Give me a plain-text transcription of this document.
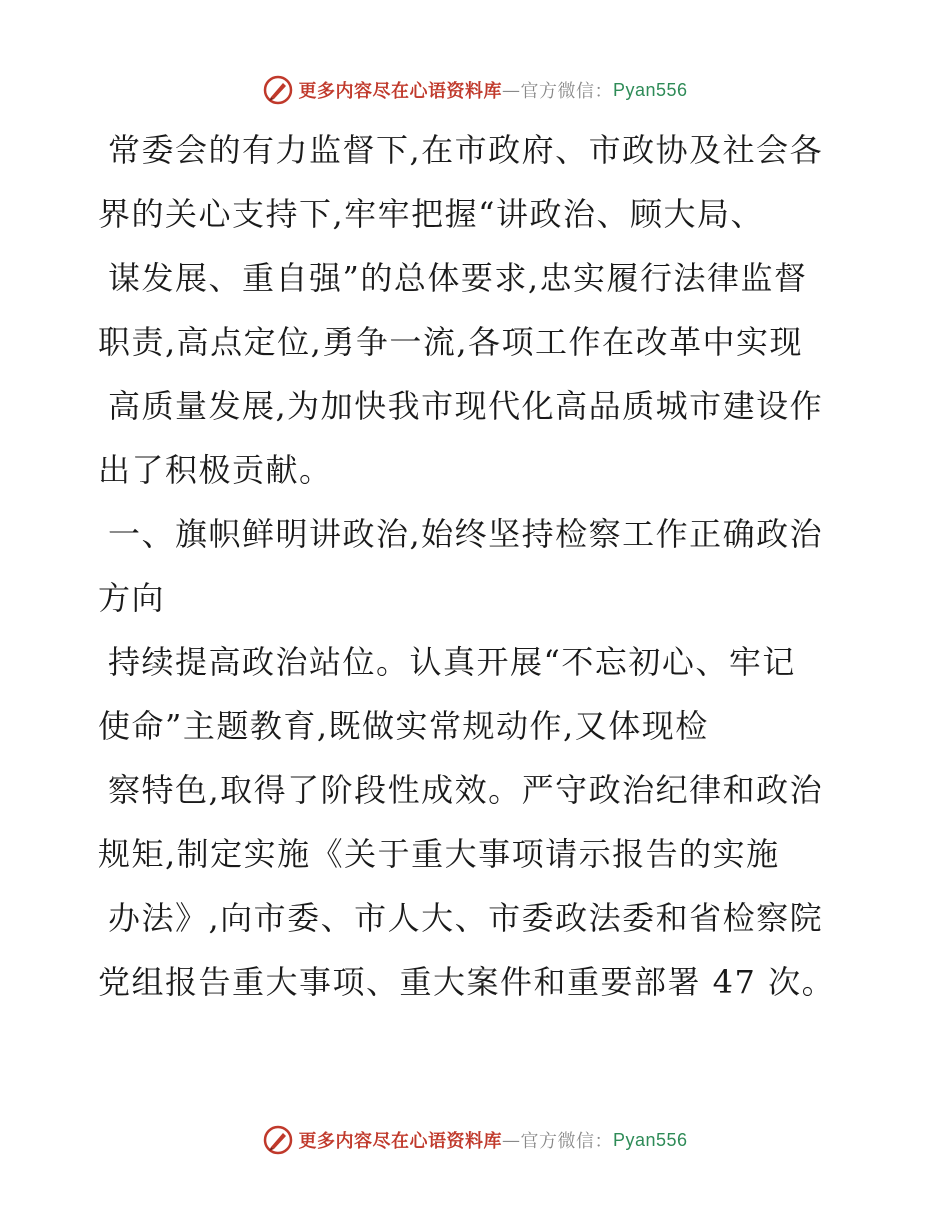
更多内容尽在心语资料库 — 官方微信： Pyan556
常委会的有力监督下,在市政府、市政协及社会各
界的关心支持下,牢牢把握“讲政治、顾大局、
谋发展、重自强”的总体要求,忠实履行法律监督
职责,高点定位,勇争一流,各项工作在改革中实现
高质量发展,为加快我市现代化高品质城市建设作
出了积极贡献。
一、旗帜鲜明讲政治,始终坚持检察工作正确政治
方向
持续提高政治站位。认真开展“不忘初心、牢记
使命”主题教育,既做实常规动作,又体现检
察特色,取得了阶段性成效。严守政治纪律和政治
规矩,制定实施《关于重大事项请示报告的实施
办法》,向市委、市人大、市委政法委和省检察院
党组报告重大事项、重大案件和重要部署 47 次。
更多内容尽在心语资料库 — 官方微信： Pyan556
